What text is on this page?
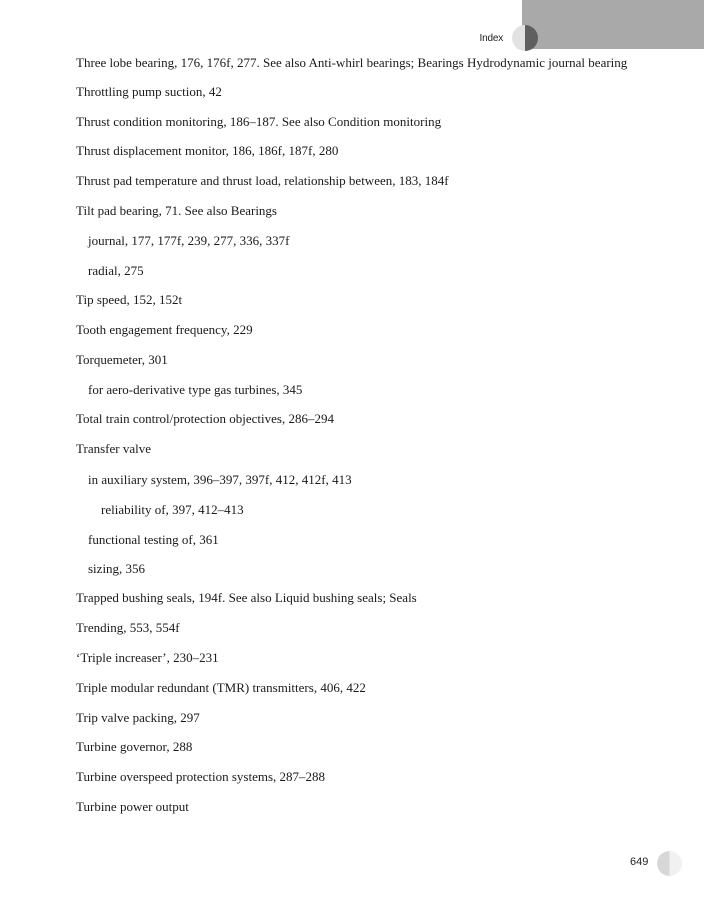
Index
Three lobe bearing, 176, 176f, 277. See also Anti-whirl bearings; Bearings Hydrodynamic journal bearing
Throttling pump suction, 42
Thrust condition monitoring, 186–187. See also Condition monitoring
Thrust displacement monitor, 186, 186f, 187f, 280
Thrust pad temperature and thrust load, relationship between, 183, 184f
Tilt pad bearing, 71. See also Bearings
journal, 177, 177f, 239, 277, 336, 337f
radial, 275
Tip speed, 152, 152t
Tooth engagement frequency, 229
Torquemeter, 301
for aero-derivative type gas turbines, 345
Total train control/protection objectives, 286–294
Transfer valve
in auxiliary system, 396–397, 397f, 412, 412f, 413
reliability of, 397, 412–413
functional testing of, 361
sizing, 356
Trapped bushing seals, 194f. See also Liquid bushing seals; Seals
Trending, 553, 554f
‘Triple increaser’, 230–231
Triple modular redundant (TMR) transmitters, 406, 422
Trip valve packing, 297
Turbine governor, 288
Turbine overspeed protection systems, 287–288
Turbine power output
649
